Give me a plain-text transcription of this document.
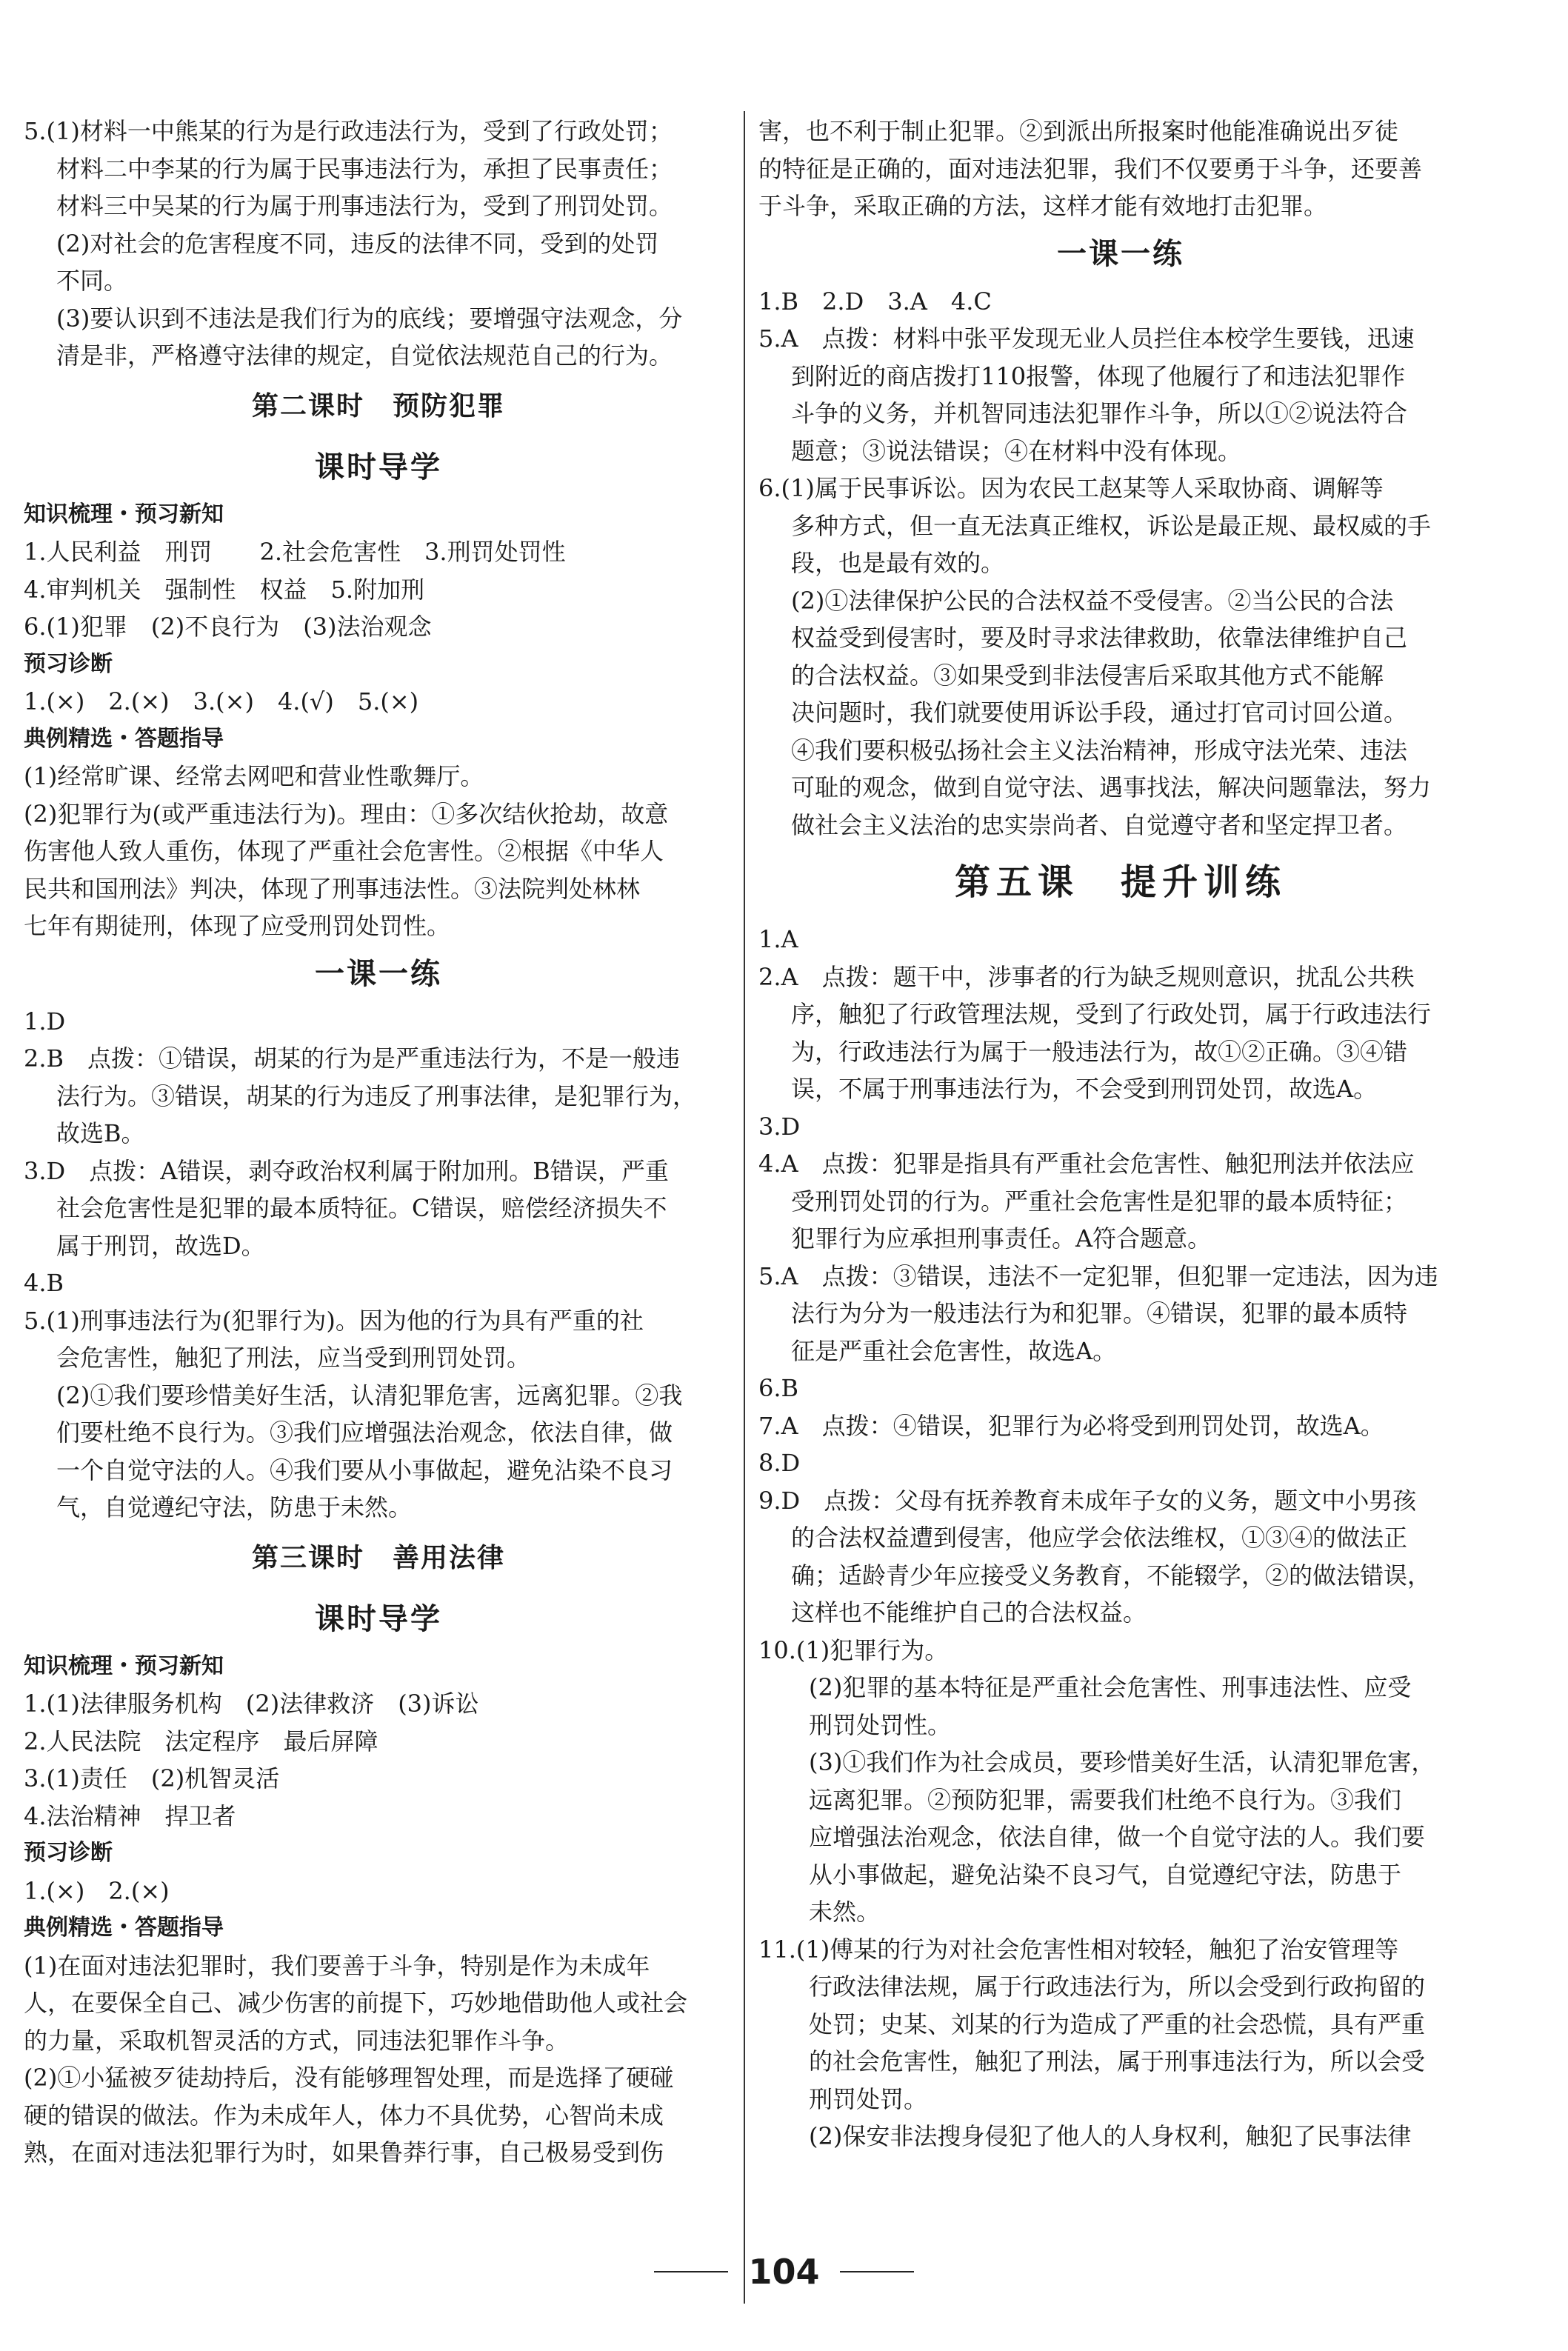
5.(1)材料一中熊某的行为是行政违法行为，受到了行政处罚；
材料二中李某的行为属于民事违法行为，承担了民事责任；
材料三中吴某的行为属于刑事违法行为，受到了刑罚处罚。
(2)对社会的危害程度不同，违反的法律不同，受到的处罚
不同。
(3)要认识到不违法是我们行为的底线；要增强守法观念，分
清是非，严格遵守法律的规定，自觉依法规范自己的行为。
第二课时　预防犯罪
课时导学
知识梳理・预习新知
1.人民利益　刑罚　　2.社会危害性　3.刑罚处罚性
4.审判机关　强制性　权益　5.附加刑
6.(1)犯罪　(2)不良行为　(3)法治观念
预习诊断
1.(×)　2.(×)　3.(×)　4.(√)　5.(×)
典例精选・答题指导
(1)经常旷课、经常去网吧和营业性歌舞厅。
(2)犯罪行为(或严重违法行为)。理由：①多次结伙抢劫，故意
伤害他人致人重伤，体现了严重社会危害性。②根据《中华人
民共和国刑法》判决，体现了刑事违法性。③法院判处林林
七年有期徒刑，体现了应受刑罚处罚性。
一课一练
1.D
2.B　点拨：①错误，胡某的行为是严重违法行为，不是一般违
法行为。③错误，胡某的行为违反了刑事法律，是犯罪行为，
故选B。
3.D　点拨：A错误，剥夺政治权利属于附加刑。B错误，严重
社会危害性是犯罪的最本质特征。C错误，赔偿经济损失不
属于刑罚，故选D。
4.B
5.(1)刑事违法行为(犯罪行为)。因为他的行为具有严重的社
会危害性，触犯了刑法，应当受到刑罚处罚。
(2)①我们要珍惜美好生活，认清犯罪危害，远离犯罪。②我
们要杜绝不良行为。③我们应增强法治观念，依法自律，做
一个自觉守法的人。④我们要从小事做起，避免沾染不良习
气，自觉遵纪守法，防患于未然。
第三课时　善用法律
课时导学
知识梳理・预习新知
1.(1)法律服务机构　(2)法律救济　(3)诉讼
2.人民法院　法定程序　最后屏障
3.(1)责任　(2)机智灵活
4.法治精神　捍卫者
预习诊断
1.(×)　2.(×)
典例精选・答题指导
(1)在面对违法犯罪时，我们要善于斗争，特别是作为未成年
人，在要保全自己、减少伤害的前提下，巧妙地借助他人或社会
的力量，采取机智灵活的方式，同违法犯罪作斗争。
(2)①小猛被歹徒劫持后，没有能够理智处理，而是选择了硬碰
硬的错误的做法。作为未成年人，体力不具优势，心智尚未成
熟，在面对违法犯罪行为时，如果鲁莽行事，自己极易受到伤
害，也不利于制止犯罪。②到派出所报案时他能准确说出歹徒
的特征是正确的，面对违法犯罪，我们不仅要勇于斗争，还要善
于斗争，采取正确的方法，这样才能有效地打击犯罪。
一课一练
1.B　2.D　3.A　4.C
5.A　点拨：材料中张平发现无业人员拦住本校学生要钱，迅速
到附近的商店拨打110报警，体现了他履行了和违法犯罪作
斗争的义务，并机智同违法犯罪作斗争，所以①②说法符合
题意；③说法错误；④在材料中没有体现。
6.(1)属于民事诉讼。因为农民工赵某等人采取协商、调解等
多种方式，但一直无法真正维权，诉讼是最正规、最权威的手
段，也是最有效的。
(2)①法律保护公民的合法权益不受侵害。②当公民的合法
权益受到侵害时，要及时寻求法律救助，依靠法律维护自己
的合法权益。③如果受到非法侵害后采取其他方式不能解
决问题时，我们就要使用诉讼手段，通过打官司讨回公道。
④我们要积极弘扬社会主义法治精神，形成守法光荣、违法
可耻的观念，做到自觉守法、遇事找法，解决问题靠法，努力
做社会主义法治的忠实崇尚者、自觉遵守者和坚定捍卫者。
第五课　提升训练
1.A
2.A　点拨：题干中，涉事者的行为缺乏规则意识，扰乱公共秩
序，触犯了行政管理法规，受到了行政处罚，属于行政违法行
为，行政违法行为属于一般违法行为，故①②正确。③④错
误，不属于刑事违法行为，不会受到刑罚处罚，故选A。
3.D
4.A　点拨：犯罪是指具有严重社会危害性、触犯刑法并依法应
受刑罚处罚的行为。严重社会危害性是犯罪的最本质特征；
犯罪行为应承担刑事责任。A符合题意。
5.A　点拨：③错误，违法不一定犯罪，但犯罪一定违法，因为违
法行为分为一般违法行为和犯罪。④错误，犯罪的最本质特
征是严重社会危害性，故选A。
6.B
7.A　点拨：④错误，犯罪行为必将受到刑罚处罚，故选A。
8.D
9.D　点拨：父母有抚养教育未成年子女的义务，题文中小男孩
的合法权益遭到侵害，他应学会依法维权，①③④的做法正
确；适龄青少年应接受义务教育，不能辍学，②的做法错误，
这样也不能维护自己的合法权益。
10.(1)犯罪行为。
(2)犯罪的基本特征是严重社会危害性、刑事违法性、应受
刑罚处罚性。
(3)①我们作为社会成员，要珍惜美好生活，认清犯罪危害，
远离犯罪。②预防犯罪，需要我们杜绝不良行为。③我们
应增强法治观念，依法自律，做一个自觉守法的人。我们要
从小事做起，避免沾染不良习气，自觉遵纪守法，防患于
未然。
11.(1)傅某的行为对社会危害性相对较轻，触犯了治安管理等
行政法律法规，属于行政违法行为，所以会受到行政拘留的
处罚；史某、刘某的行为造成了严重的社会恐慌，具有严重
的社会危害性，触犯了刑法，属于刑事违法行为，所以会受
刑罚处罚。
(2)保安非法搜身侵犯了他人的人身权利，触犯了民事法律
104
